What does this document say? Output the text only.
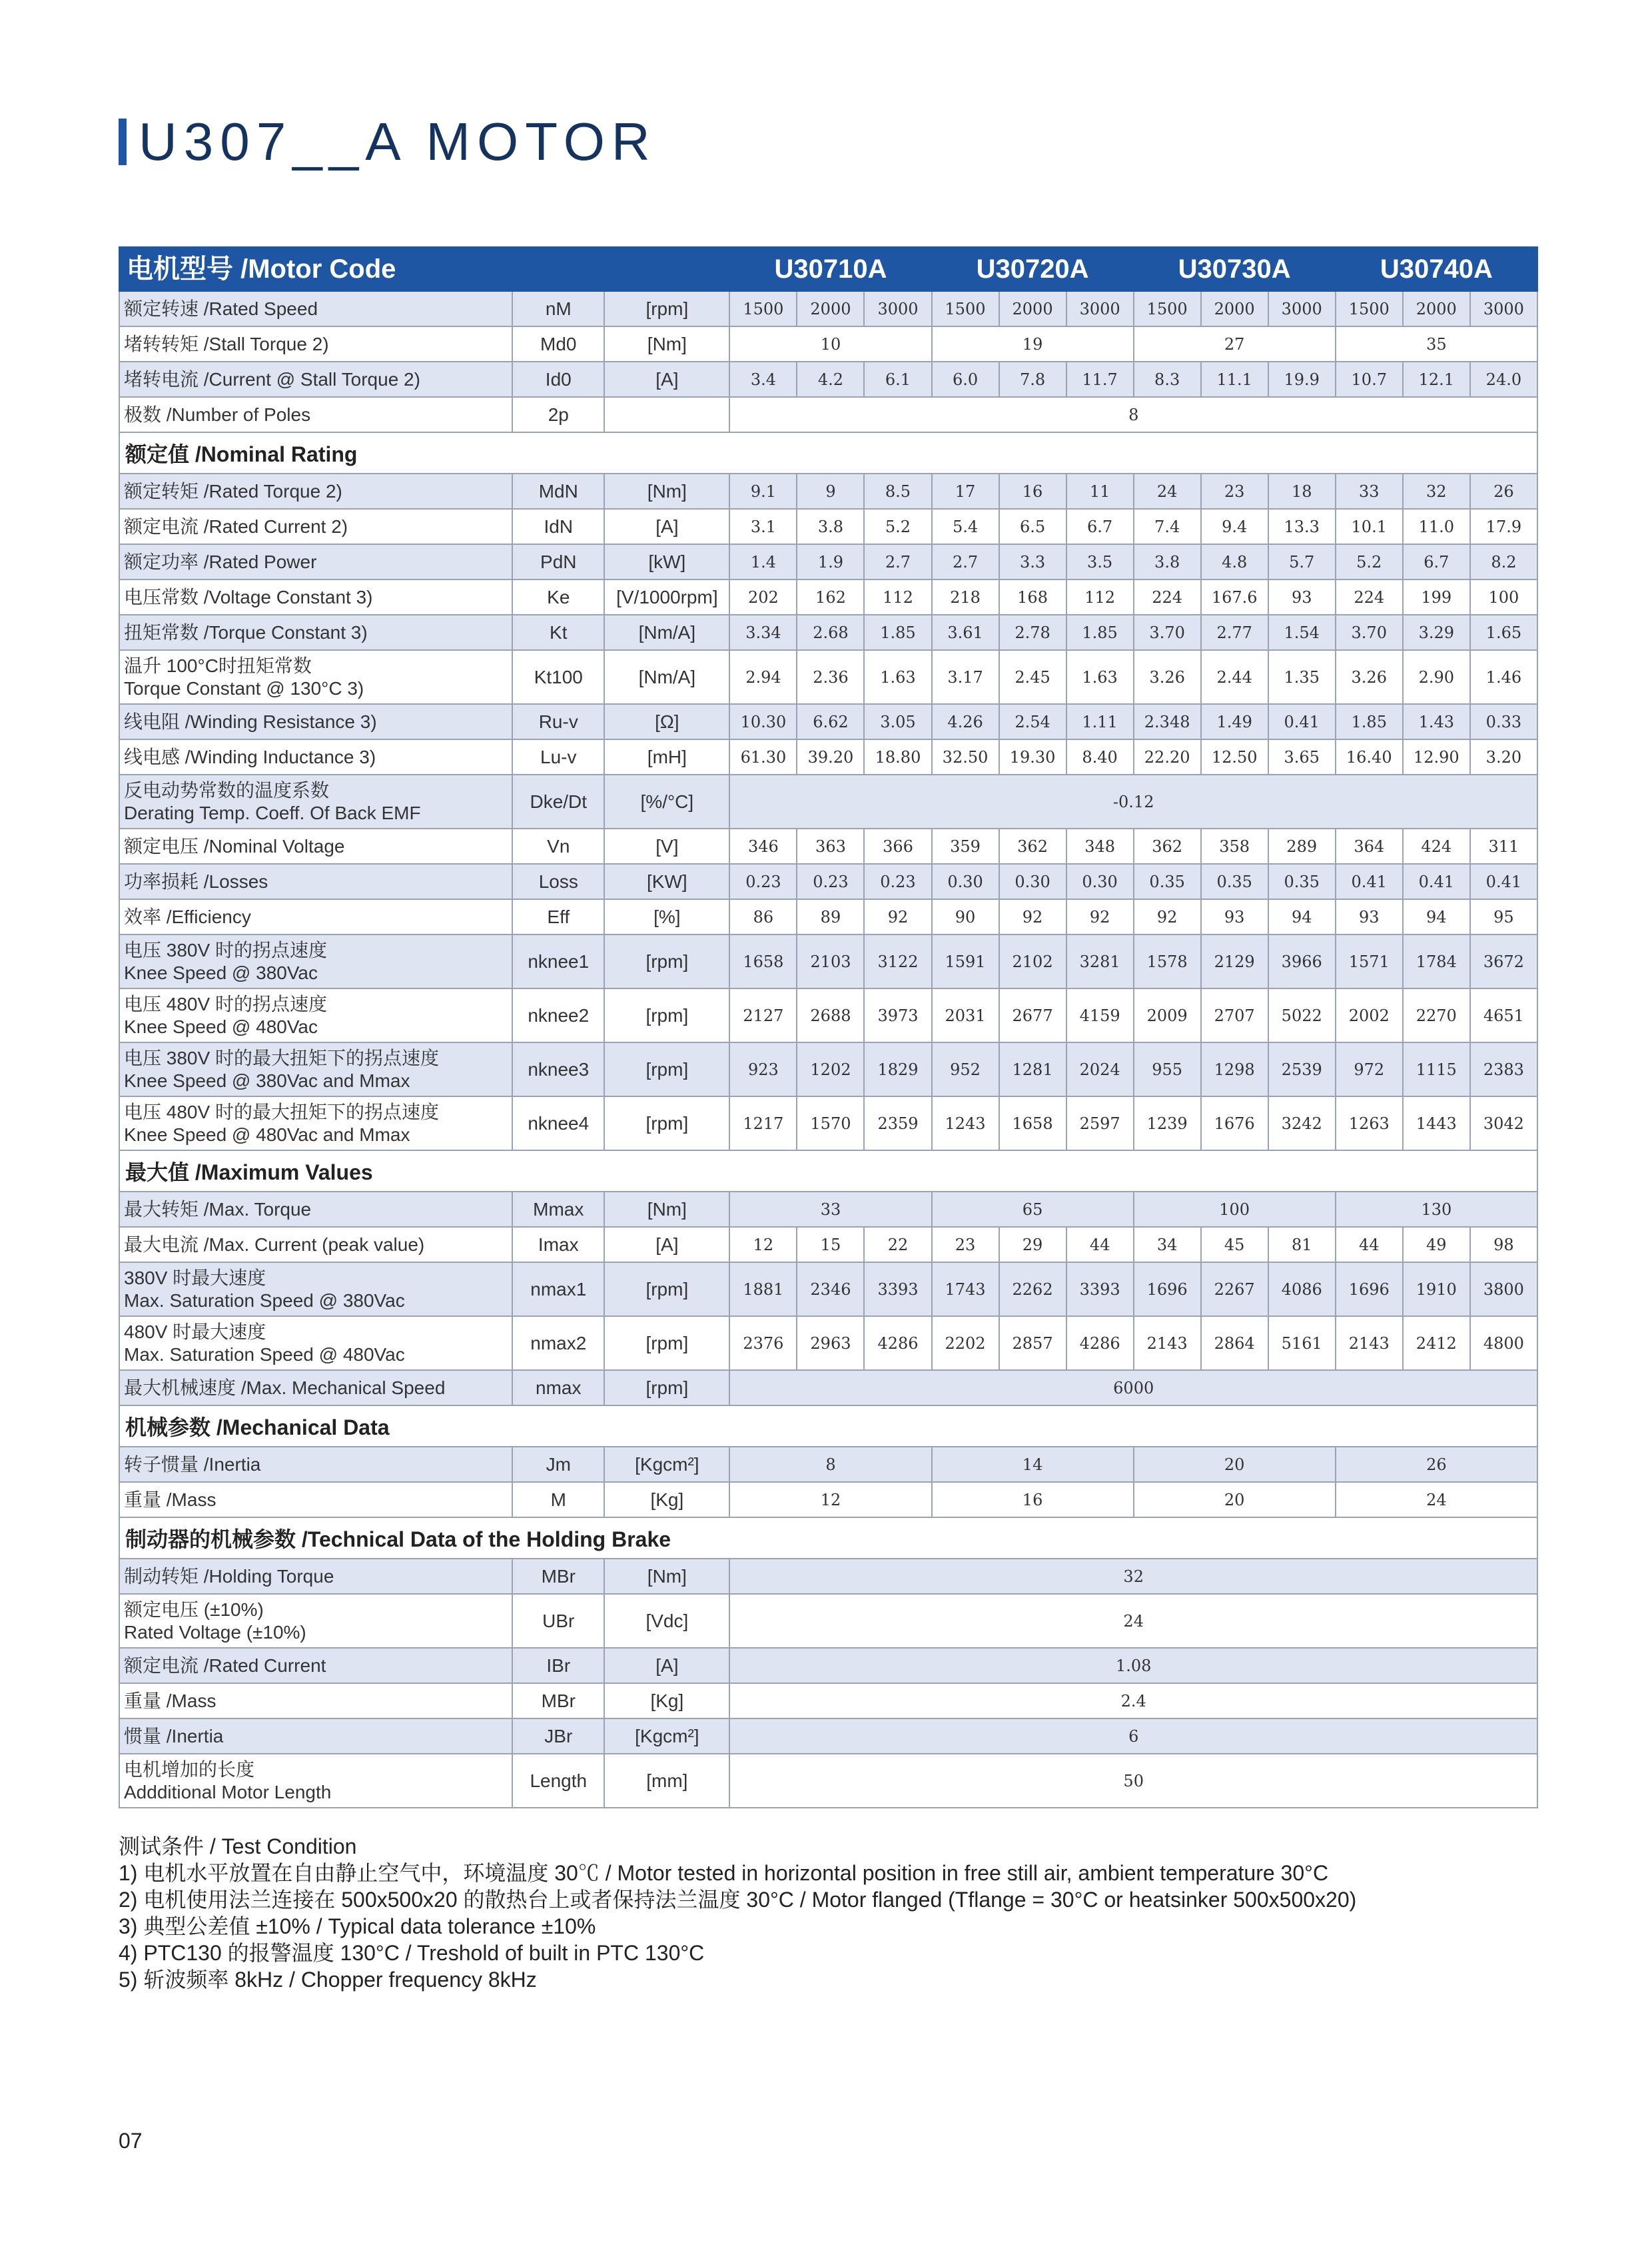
U307__A MOTOR
电机型号 /Motor Code			U30710A			U30720A			U30730A			U30740A		

额定转速 /Rated Speed	nM	[rpm]	1500	2000	3000	1500	2000	3000	1500	2000	3000	1500	2000	3000

堵转转矩 /Stall Torque 2)	Md0	[Nm]	10			19			27			35		

堵转电流 /Current @ Stall Torque 2)	Id0	[A]	3.4	4.2	6.1	6.0	7.8	11.7	8.3	11.1	19.9	10.7	12.1	24.0

极数 /Number of Poles	2p		8											
额定值 /Nominal Rating														

额定转矩 /Rated Torque 2)	MdN	[Nm]	9.1	9	8.5	17	16	11	24	23	18	33	32	26

额定电流 /Rated Current 2)	IdN	[A]	3.1	3.8	5.2	5.4	6.5	6.7	7.4	9.4	13.3	10.1	11.0	17.9

额定功率 /Rated Power	PdN	[kW]	1.4	1.9	2.7	2.7	3.3	3.5	3.8	4.8	5.7	5.2	6.7	8.2

电压常数 /Voltage Constant 3)	Ke	[V/1000rpm]	202	162	112	218	168	112	224	167.6	93	224	199	100

扭矩常数 /Torque Constant 3)	Kt	[Nm/A]	3.34	2.68	1.85	3.61	2.78	1.85	3.70	2.77	1.54	3.70	3.29	1.65

温升 100°C时扭矩常数
Torque Constant @ 130°C 3)	Kt100	[Nm/A]	2.94	2.36	1.63	3.17	2.45	1.63	3.26	2.44	1.35	3.26	2.90	1.46

线电阻 /Winding Resistance 3)	Ru-v	[Ω]	10.30	6.62	3.05	4.26	2.54	1.11	2.348	1.49	0.41	1.85	1.43	0.33

线电感 /Winding Inductance 3)	Lu-v	[mH]	61.30	39.20	18.80	32.50	19.30	8.40	22.20	12.50	3.65	16.40	12.90	3.20

反电动势常数的温度系数
Derating Temp. Coeff. Of Back EMF	Dke/Dt	[%/°C]	-0.12											

额定电压 /Nominal Voltage	Vn	[V]	346	363	366	359	362	348	362	358	289	364	424	311

功率损耗 /Losses	Loss	[KW]	0.23	0.23	0.23	0.30	0.30	0.30	0.35	0.35	0.35	0.41	0.41	0.41

效率 /Efficiency	Eff	[%]	86	89	92	90	92	92	92	93	94	93	94	95

电压 380V 时的拐点速度
Knee Speed @ 380Vac	nknee1	[rpm]	1658	2103	3122	1591	2102	3281	1578	2129	3966	1571	1784	3672

电压 480V 时的拐点速度
Knee Speed @ 480Vac	nknee2	[rpm]	2127	2688	3973	2031	2677	4159	2009	2707	5022	2002	2270	4651

电压 380V 时的最大扭矩下的拐点速度
Knee Speed @ 380Vac and Mmax	nknee3	[rpm]	923	1202	1829	952	1281	2024	955	1298	2539	972	1115	2383

电压 480V 时的最大扭矩下的拐点速度
Knee Speed @ 480Vac and Mmax	nknee4	[rpm]	1217	1570	2359	1243	1658	2597	1239	1676	3242	1263	1443	3042
最大值 /Maximum Values														

最大转矩 /Max. Torque	Mmax	[Nm]	33			65			100			130		

最大电流 /Max. Current (peak value)	Imax	[A]	12	15	22	23	29	44	34	45	81	44	49	98

380V 时最大速度
Max. Saturation Speed @ 380Vac	nmax1	[rpm]	1881	2346	3393	1743	2262	3393	1696	2267	4086	1696	1910	3800

480V 时最大速度
Max. Saturation Speed @ 480Vac	nmax2	[rpm]	2376	2963	4286	2202	2857	4286	2143	2864	5161	2143	2412	4800

最大机械速度 /Max. Mechanical Speed	nmax	[rpm]	6000											
机械参数 /Mechanical Data														

转子惯量 /Inertia	Jm	[Kgcm²]	8			14			20			26		

重量 /Mass	M	[Kg]	12			16			20			24		
制动器的机械参数 /Technical Data of the Holding Brake														

制动转矩 /Holding Torque	MBr	[Nm]	32											

额定电压 (±10%)
Rated Voltage (±10%)	UBr	[Vdc]	24											

额定电流 /Rated Current	IBr	[A]	1.08											

重量 /Mass	MBr	[Kg]	2.4											

惯量 /Inertia	JBr	[Kgcm²]	6											

电机增加的长度
Addditional Motor Length	Length	[mm]	50											
测试条件 / Test Condition
1) 电机水平放置在自由静止空气中，环境温度 30℃ / Motor tested in horizontal position in free still air, ambient temperature 30°C
2) 电机使用法兰连接在 500x500x20 的散热台上或者保持法兰温度 30°C / Motor flanged (Tflange = 30°C or heatsinker 500x500x20)
3) 典型公差值 ±10% / Typical data tolerance ±10%
4) PTC130 的报警温度 130°C / Treshold of built in PTC 130°C
5) 斩波频率 8kHz / Chopper frequency 8kHz
07
